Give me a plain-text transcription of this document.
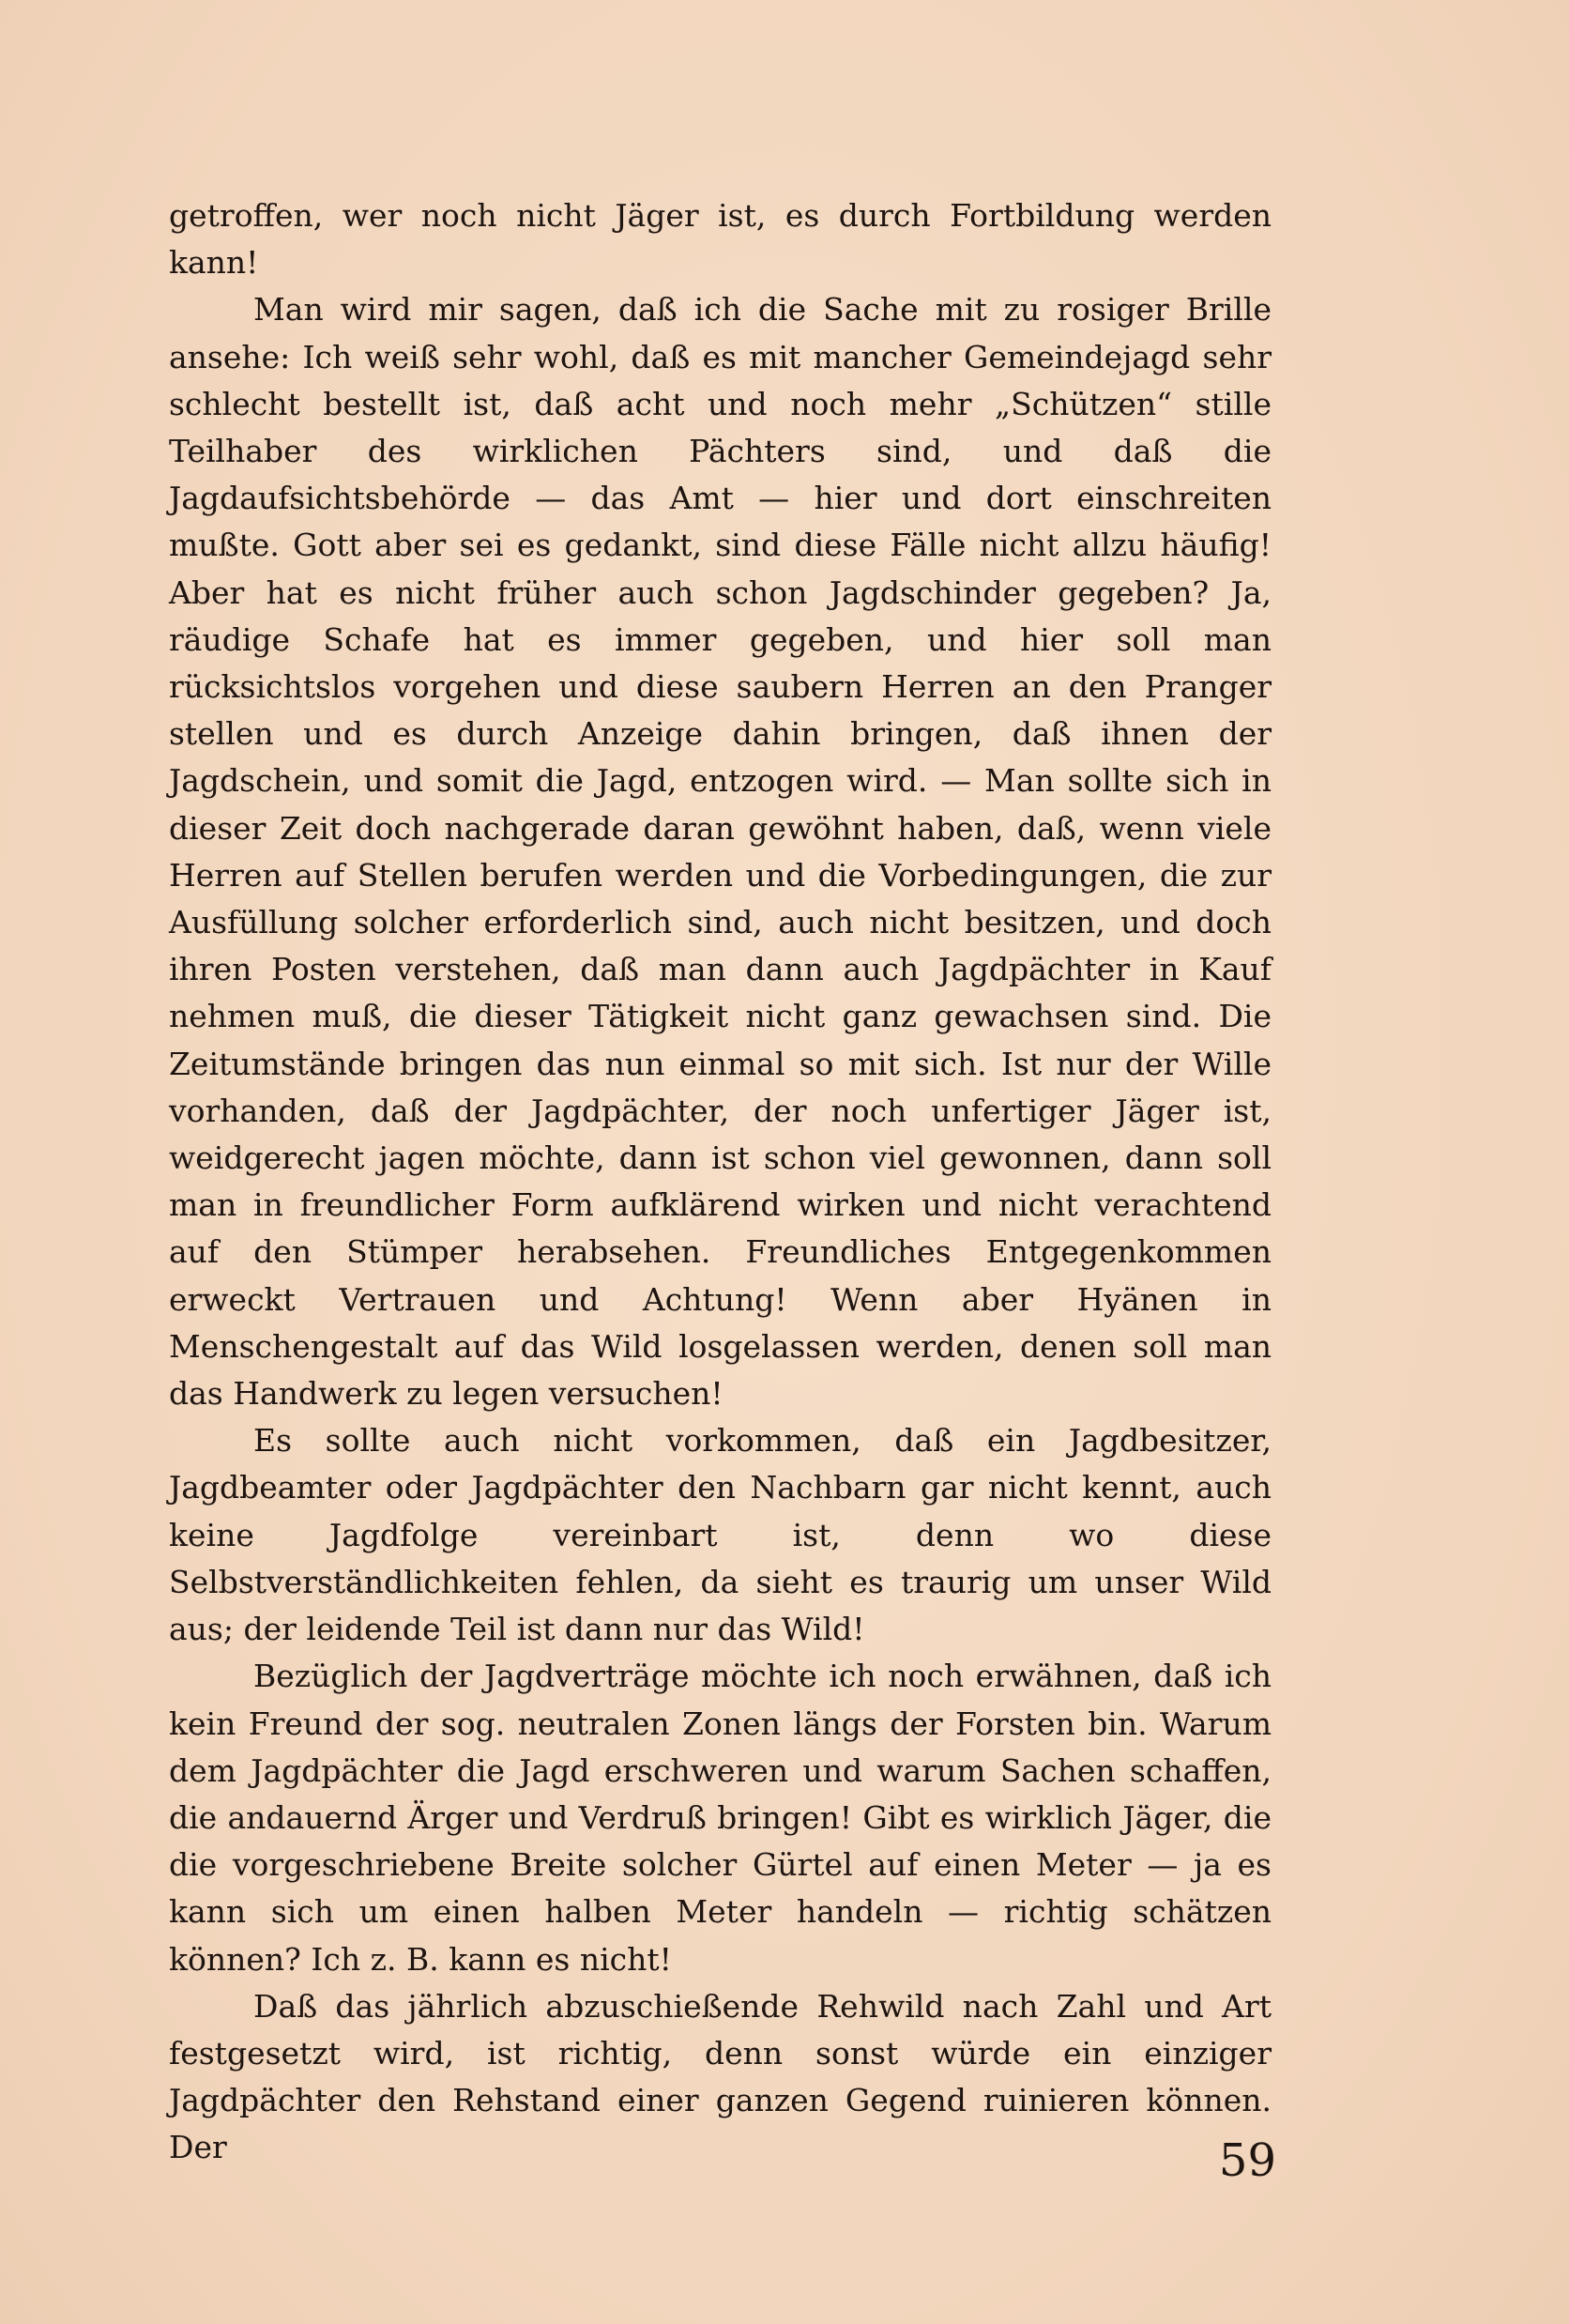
getroffen, wer noch nicht Jäger ist, es durch Fortbildung werden kann!

Man wird mir sagen, daß ich die Sache mit zu rosiger Brille ansehe: Ich weiß sehr wohl, daß es mit mancher Gemeindejagd sehr schlecht bestellt ist, daß acht und noch mehr „Schützen“ stille Teilhaber des wirklichen Pächters sind, und daß die Jagdaufsichtsbehörde — das Amt — hier und dort einschreiten mußte. Gott aber sei es gedankt, sind diese Fälle nicht allzu häufig! Aber hat es nicht früher auch schon Jagdschinder gegeben? Ja, räudige Schafe hat es immer gegeben, und hier soll man rücksichtslos vorgehen und diese saubern Herren an den Pranger stellen und es durch Anzeige dahin bringen, daß ihnen der Jagdschein, und somit die Jagd, entzogen wird. — Man sollte sich in dieser Zeit doch nachgerade daran gewöhnt haben, daß, wenn viele Herren auf Stellen berufen werden und die Vorbedingungen, die zur Ausfüllung solcher erforderlich sind, auch nicht besitzen, und doch ihren Posten verstehen, daß man dann auch Jagdpächter in Kauf nehmen muß, die dieser Tätigkeit nicht ganz gewachsen sind. Die Zeitumstände bringen das nun einmal so mit sich. Ist nur der Wille vorhanden, daß der Jagdpächter, der noch unfertiger Jäger ist, weidgerecht jagen möchte, dann ist schon viel gewonnen, dann soll man in freundlicher Form aufklärend wirken und nicht verachtend auf den Stümper herabsehen. Freundliches Entgegenkommen erweckt Vertrauen und Achtung! Wenn aber Hyänen in Menschengestalt auf das Wild losgelassen werden, denen soll man das Handwerk zu legen versuchen!

Es sollte auch nicht vorkommen, daß ein Jagdbesitzer, Jagdbeamter oder Jagdpächter den Nachbarn gar nicht kennt, auch keine Jagdfolge vereinbart ist, denn wo diese Selbstverständlichkeiten fehlen, da sieht es traurig um unser Wild aus; der leidende Teil ist dann nur das Wild!

Bezüglich der Jagdverträge möchte ich noch erwähnen, daß ich kein Freund der sog. neutralen Zonen längs der Forsten bin. Warum dem Jagdpächter die Jagd erschweren und warum Sachen schaffen, die andauernd Ärger und Verdruß bringen! Gibt es wirklich Jäger, die die vorgeschriebene Breite solcher Gürtel auf einen Meter — ja es kann sich um einen halben Meter handeln — richtig schätzen können? Ich z. B. kann es nicht!

Daß das jährlich abzuschießende Rehwild nach Zahl und Art festgesetzt wird, ist richtig, denn sonst würde ein einziger Jagdpächter den Rehstand einer ganzen Gegend ruinieren können. Der	59
